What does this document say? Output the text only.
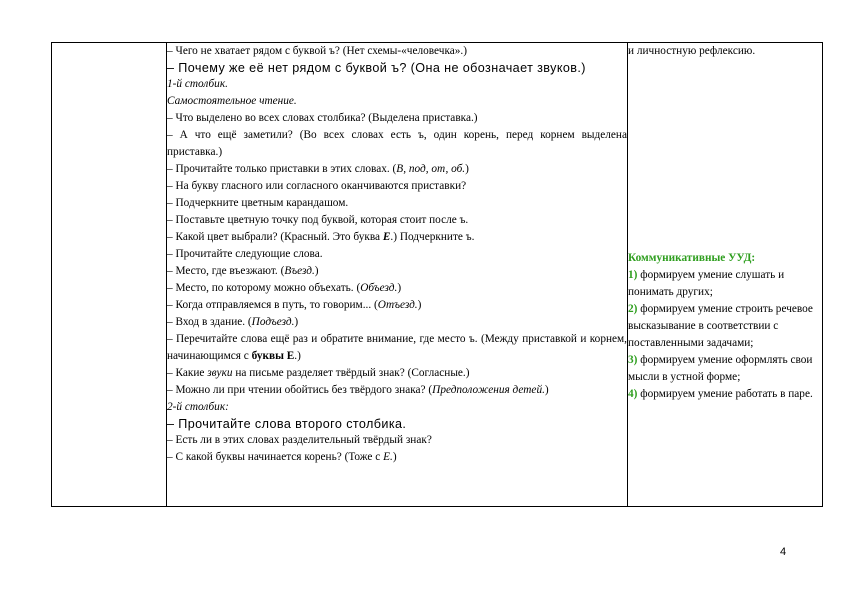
– Чего не хватает рядом с буквой ъ? (Нет схемы-«человечка».)
– Почему же её нет рядом с буквой ъ? (Она не обозначает звуков.)
1-й столбик.
Самостоятельное чтение.
– Что выделено во всех словах столбика? (Выделена приставка.)
– А что ещё заметили? (Во всех словах есть ъ, один корень, перед корнем выделена приставка.)
– Прочитайте только приставки в этих словах. (В, под, от, об.)
– На букву гласного или согласного оканчиваются приставки?
– Подчеркните цветным карандашом.
– Поставьте цветную точку под буквой, которая стоит после ъ.
– Какой цвет выбрали? (Красный. Это буква Е.) Подчеркните ъ.
– Прочитайте следующие слова.
– Место, где въезжают. (Въезд.)
– Место, по которому можно объехать. (Объезд.)
– Когда отправляемся в путь, то говорим... (Отъезд.)
– Вход в здание. (Подъезд.)
– Перечитайте слова ещё раз и обратите внимание, где место ъ. (Между приставкой и корнем, начинающимся с буквы Е.)
– Какие звуки на письме разделяет твёрдый знак? (Согласные.)
– Можно ли при чтении обойтись без твёрдого знака? (Предположения детей.)
2-й столбик:
– Прочитайте слова второго столбика.
– Есть ли в этих словах разделительный твёрдый знак?
– С какой буквы начинается корень? (Тоже с Е.)

и личностную рефлексию.
Коммуникативные УУД:
1) формируем умение слушать и понимать других;
2) формируем умение строить речевое высказывание в соответствии с поставленными задачами;
3) формируем умение оформлять свои мысли в устной форме;
4) формируем умение работать в паре.
4
